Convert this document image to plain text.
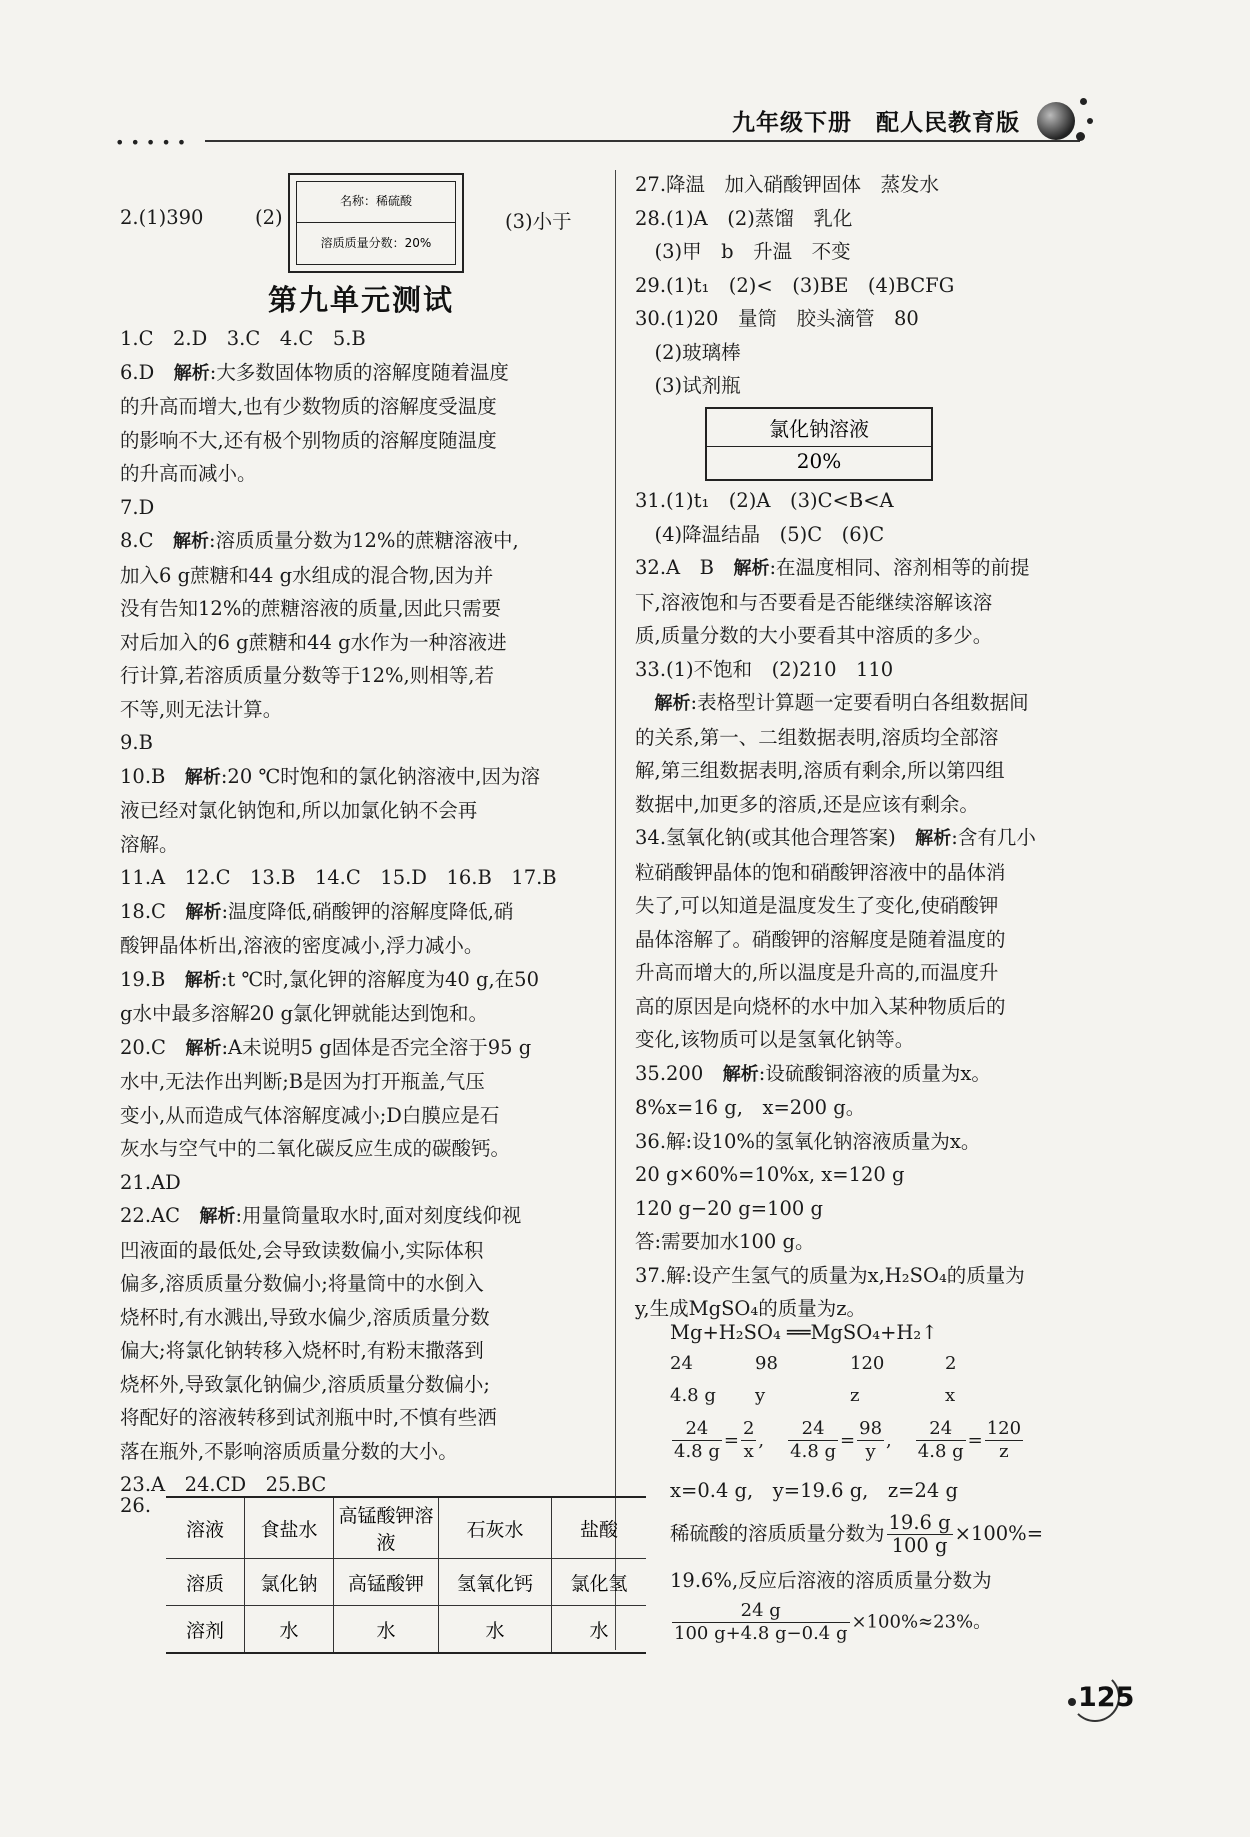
•••••
九年级下册　配人民教育版
2.(1)390	(2)
名称：稀硫酸
溶质质量分数：20%
(3)小于
第九单元测试

1.C　2.D　3.C　4.C　5.B

6.D　 解析:大多数固体物质的溶解度随着温度

的升高而增大,也有少数物质的溶解度受温度

的影响不大,还有极个别物质的溶解度随温度

的升高而减小。

7.D

8.C　 解析:溶质质量分数为12%的蔗糖溶液中,

加入6 g蔗糖和44 g水组成的混合物,因为并

没有告知12%的蔗糖溶液的质量,因此只需要

对后加入的6 g蔗糖和44 g水作为一种溶液进

行计算,若溶质质量分数等于12%,则相等,若

不等,则无法计算。

9.B

10.B　 解析:20 ℃时饱和的氯化钠溶液中,因为溶

液已经对氯化钠饱和,所以加氯化钠不会再

溶解。

11.A　12.C　13.B　14.C　15.D　16.B　17.B

18.C　 解析:温度降低,硝酸钾的溶解度降低,硝

酸钾晶体析出,溶液的密度减小,浮力减小。

19.B　 解析:t ℃时,氯化钾的溶解度为40 g,在50

g水中最多溶解20 g氯化钾就能达到饱和。

20.C　 解析:A未说明5 g固体是否完全溶于95 g

水中,无法作出判断;B是因为打开瓶盖,气压

变小,从而造成气体溶解度减小;D白膜应是石

灰水与空气中的二氧化碳反应生成的碳酸钙。

21.AD

22.AC　 解析:用量筒量取水时,面对刻度线仰视

凹液面的最低处,会导致读数偏小,实际体积

偏多,溶质质量分数偏小;将量筒中的水倒入

烧杯时,有水溅出,导致水偏少,溶质质量分数

偏大;将氯化钠转移入烧杯时,有粉末撒落到

烧杯外,导致氯化钠偏少,溶质质量分数偏小;

将配好的溶液转移到试剂瓶中时,不慎有些洒

落在瓶外,不影响溶质质量分数的大小。

23.A　24.CD　25.BC

26.
溶液	食盐水	高锰酸钾溶液	石灰水	盐酸
溶质	氯化钠	高锰酸钾	氢氧化钙	氯化氢
溶剂	水	水	水	水

27.降温　加入硝酸钾固体　蒸发水

28.(1)A　(2)蒸馏　乳化

　(3)甲　b　升温　不变

29.(1)t₁　(2)<　(3)BE　(4)BCFG

30.(1)20　量筒　胶头滴管　80

　(2)玻璃棒

　(3)试剂瓶

氯化钠溶液
20%

31.(1)t₁　(2)A　(3)C<B<A

　(4)降温结晶　(5)C　(6)C

32.A　B　 解析:在温度相同、溶剂相等的前提

下,溶液饱和与否要看是否能继续溶解该溶

质,质量分数的大小要看其中溶质的多少。

33.(1)不饱和　(2)210　110

　解析:表格型计算题一定要看明白各组数据间

的关系,第一、二组数据表明,溶质均全部溶

解,第三组数据表明,溶质有剩余,所以第四组

数据中,加更多的溶质,还是应该有剩余。

34.氢氧化钠(或其他合理答案)　 解析:含有几小

粒硝酸钾晶体的饱和硝酸钾溶液中的晶体消

失了,可以知道是温度发生了变化,使硝酸钾

晶体溶解了。硝酸钾的溶解度是随着温度的

升高而增大的,所以温度是升高的,而温度升

高的原因是向烧杯的水中加入某种物质后的

变化,该物质可以是氢氧化钠等。

35.200　 解析:设硫酸铜溶液的质量为x。

8%x=16 g,　x=200 g。

36.解:设10%的氢氧化钠溶液质量为x。

20 g×60%=10%x, x=120 g

120 g−20 g=100 g

答:需要加水100 g。

37.解:设产生氢气的质量为x,H₂SO₄的质量为

y,生成MgSO₄的质量为z。

Mg+H₂SO₄ ══MgSO₄+H₂↑
24	98	120	2
4.8 g y	z	x
$\frac{24}{4.8 g} = \frac{2}{x}$ , $\frac{24}{4.8 g} = \frac{98}{y}$ , $\frac{24}{4.8 g} = \frac{120}{z}$
x=0.4 g,　y=19.6 g,　z=24 g
稀硫酸的溶质质量分数为 $\frac{19.6 g}{100 g} \times 100\%=$
19.6%,反应后溶液的溶质质量分数为
$\frac{24 g}{100 g+4.8 g-0.4 g} \times 100\%\approx 23\%$。
125
